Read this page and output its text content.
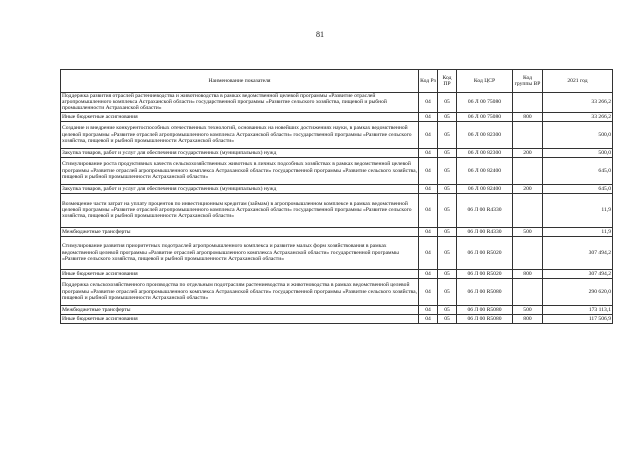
81
Наименование показателя	Код Рз	Код ПР	Код ЦСР	Код группы ВР	2021 год
Поддержка развития отраслей растениеводства и животноводства в рамках ведомственной целевой программы «Развитие отраслей агропромышленного комплекса Астраханской области» государственной программы «Развитие сельского хозяйства, пищевой и рыбной промышленности Астраханской области»	04	05	06 Л 00 75080		33 266,2
Иные бюджетные ассигнования	04	05	06 Л 00 75080	800	33 266,2
Создание и внедрение конкурентоспособных отечественных технологий, основанных на новейших достижениях науки, в рамках ведомственной целевой программы «Развитие отраслей агропромышленного комплекса Астраханской области» государственной программы «Развитие сельского хозяйства, пищевой и рыбной промышленности Астраханской области»	04	05	06 Л 00 82300		500,0
Закупка товаров, работ и услуг для обеспечения государственных (муниципальных) нужд	04	05	06 Л 00 82300	200	500,0
Стимулирование роста продуктивных качеств сельскохозяйственных животных в личных подсобных хозяйствах в рамках ведомственной целевой программы «Развитие отраслей агропромышленного комплекса Астраханской области» государственной программы «Развитие сельского хозяйства, пищевой и рыбной промышленности Астраханской области»	04	05	06 Л 00 82400		645,0
Закупка товаров, работ и услуг для обеспечения государственных (муниципальных) нужд	04	05	06 Л 00 82400	200	645,0
Возмещение части затрат на уплату процентов по инвестиционным кредитам (займам) в агропромышленном комплексе в рамках ведомственной целевой программы «Развитие отраслей агропромышленного комплекса Астраханской области» государственной программы «Развитие сельского хозяйства, пищевой и рыбной промышленности Астраханской области»	04	05	06 Л 00 R4330		11,9
Межбюджетные трансферты	04	05	06 Л 00 R4330	500	11,9
Стимулирование развития приоритетных подотраслей агропромышленного комплекса и развитие малых форм хозяйствования в рамках ведомственной целевой программы «Развитие отраслей агропромышленного комплекса Астраханской области» государственной программы «Развитие сельского хозяйства, пищевой и рыбной промышленности Астраханской области»	04	05	06 Л 00 R5020		307 494,2
Иные бюджетные ассигнования	04	05	06 Л 00 R5020	800	307 494,2
Поддержка сельскохозяйственного производства по отдельным подотраслям растениеводства и животноводства в рамках ведомственной целевой программы «Развитие отраслей агропромышленного комплекса Астраханской области» государственной программы «Развитие сельского хозяйства, пищевой и рыбной промышленности Астраханской области»	04	05	06 Л 00 R5080		290 620,0
Межбюджетные трансферты	04	05	06 Л 00 R5080	500	173 113,1
Иные бюджетные ассигнования	04	05	06 Л 00 R5080	800	117 506,9
